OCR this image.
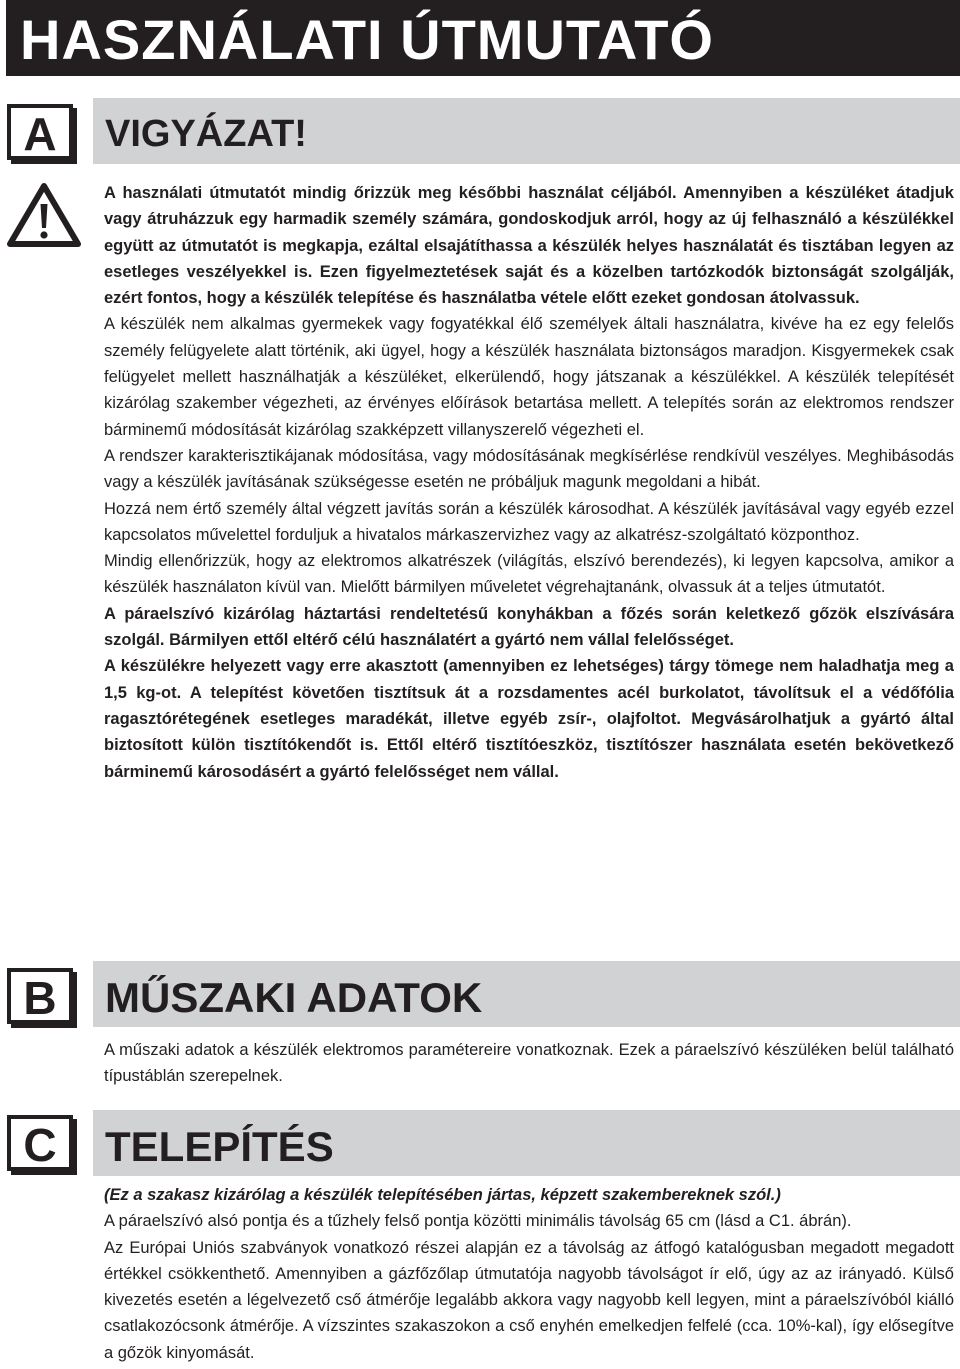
HASZNÁLATI ÚTMUTATÓ
A	VIGYÁZAT!

A használati útmutatót mindig őrizzük meg későbbi használat céljából. Amennyiben a készüléket átadjuk vagy átruházzuk egy harmadik személy számára, gondoskodjuk arról, hogy az új felhasználó a készülékkel együtt az útmutatót is megkapja, ezáltal elsajátíthassa a készülék helyes használatát és tisztában legyen az esetleges veszélyekkel is. Ezen figyelmeztetések saját és a közelben tartózkodók biztonságát szolgálják, ezért fontos, hogy a készülék telepítése és használatba vétele előtt ezeket gondosan átolvassuk.

A készülék nem alkalmas gyermekek vagy fogyatékkal élő személyek általi használatra, kivéve ha ez egy felelős személy felügyelete alatt történik, aki ügyel, hogy a készülék használata biztonságos maradjon. Kisgyermekek csak felügyelet mellett használhatják a készüléket, elkerülendő, hogy játszanak a készülékkel. A készülék telepítését kizárólag szakember végezheti, az érvényes előírások betartása mellett. A telepítés során az elektromos rendszer bárminemű módosítását kizárólag szakképzett villanyszerelő végezheti el.

A rendszer karakterisztikájanak módosítása, vagy módosításának megkísérlése rendkívül veszélyes. Meghibásodás vagy a készülék javításának szükségesse esetén ne próbáljuk magunk megoldani a hibát.

Hozzá nem értő személy által végzett javítás során a készülék károsodhat. A készülék javításával vagy egyéb ezzel kapcsolatos művelettel forduljuk a hivatalos márkaszervizhez vagy az alkatrész-szolgáltató központhoz.

Mindig ellenőrizzük, hogy az elektromos alkatrészek (világítás, elszívó berendezés), ki legyen kapcsolva, amikor a készülék használaton kívül van. Mielőtt bármilyen műveletet végrehajtanánk, olvassuk át a teljes útmutatót.

A páraelszívó kizárólag háztartási rendeltetésű konyhákban a főzés során keletkező gőzök elszívására szolgál. Bármilyen ettől eltérő célú használatért a gyártó nem vállal felelősséget.

A készülékre helyezett vagy erre akasztott (amennyiben ez lehetséges) tárgy tömege nem haladhatja meg a 1,5 kg-ot. A telepítést követően tisztítsuk át a rozsdamentes acél burkolatot, távolítsuk el a védőfólia ragasztórétegének esetleges maradékát, illetve egyéb zsír-, olajfoltot. Megvásárolhatjuk a gyártó által biztosított külön tisztítókendőt is. Ettől eltérő tisztítóeszköz, tisztítószer használata esetén bekövetkező bárminemű károsodásért a gyártó felelősséget nem vállal.

B	MŰSZAKI ADATOK

A műszaki adatok a készülék elektromos paramétereire vonatkoznak. Ezek a páraelszívó készüléken belül található típustáblán szerepelnek.

C	TELEPÍTÉS

(Ez a szakasz kizárólag a készülék telepítésében jártas, képzett szakembereknek szól.)

A páraelszívó alsó pontja és a tűzhely felső pontja közötti minimális távolság 65 cm (lásd a C1. ábrán).

Az Európai Uniós szabványok vonatkozó részei alapján ez a távolság az átfogó katalógusban megadott megadott értékkel csökkenthető. Amennyiben a gázfőzőlap útmutatója nagyobb távolságot ír elő, úgy az az irányadó. Külső kivezetés esetén a légelvezető cső átmérője legalább akkora vagy nagyobb kell legyen, mint a páraelszívóból kiálló csatlakozócsonk átmérője. A vízszintes szakaszokon a cső enyhén emelkedjen felfelé (cca. 10%-kal), így elősegítve a gőzök kinyomását.
